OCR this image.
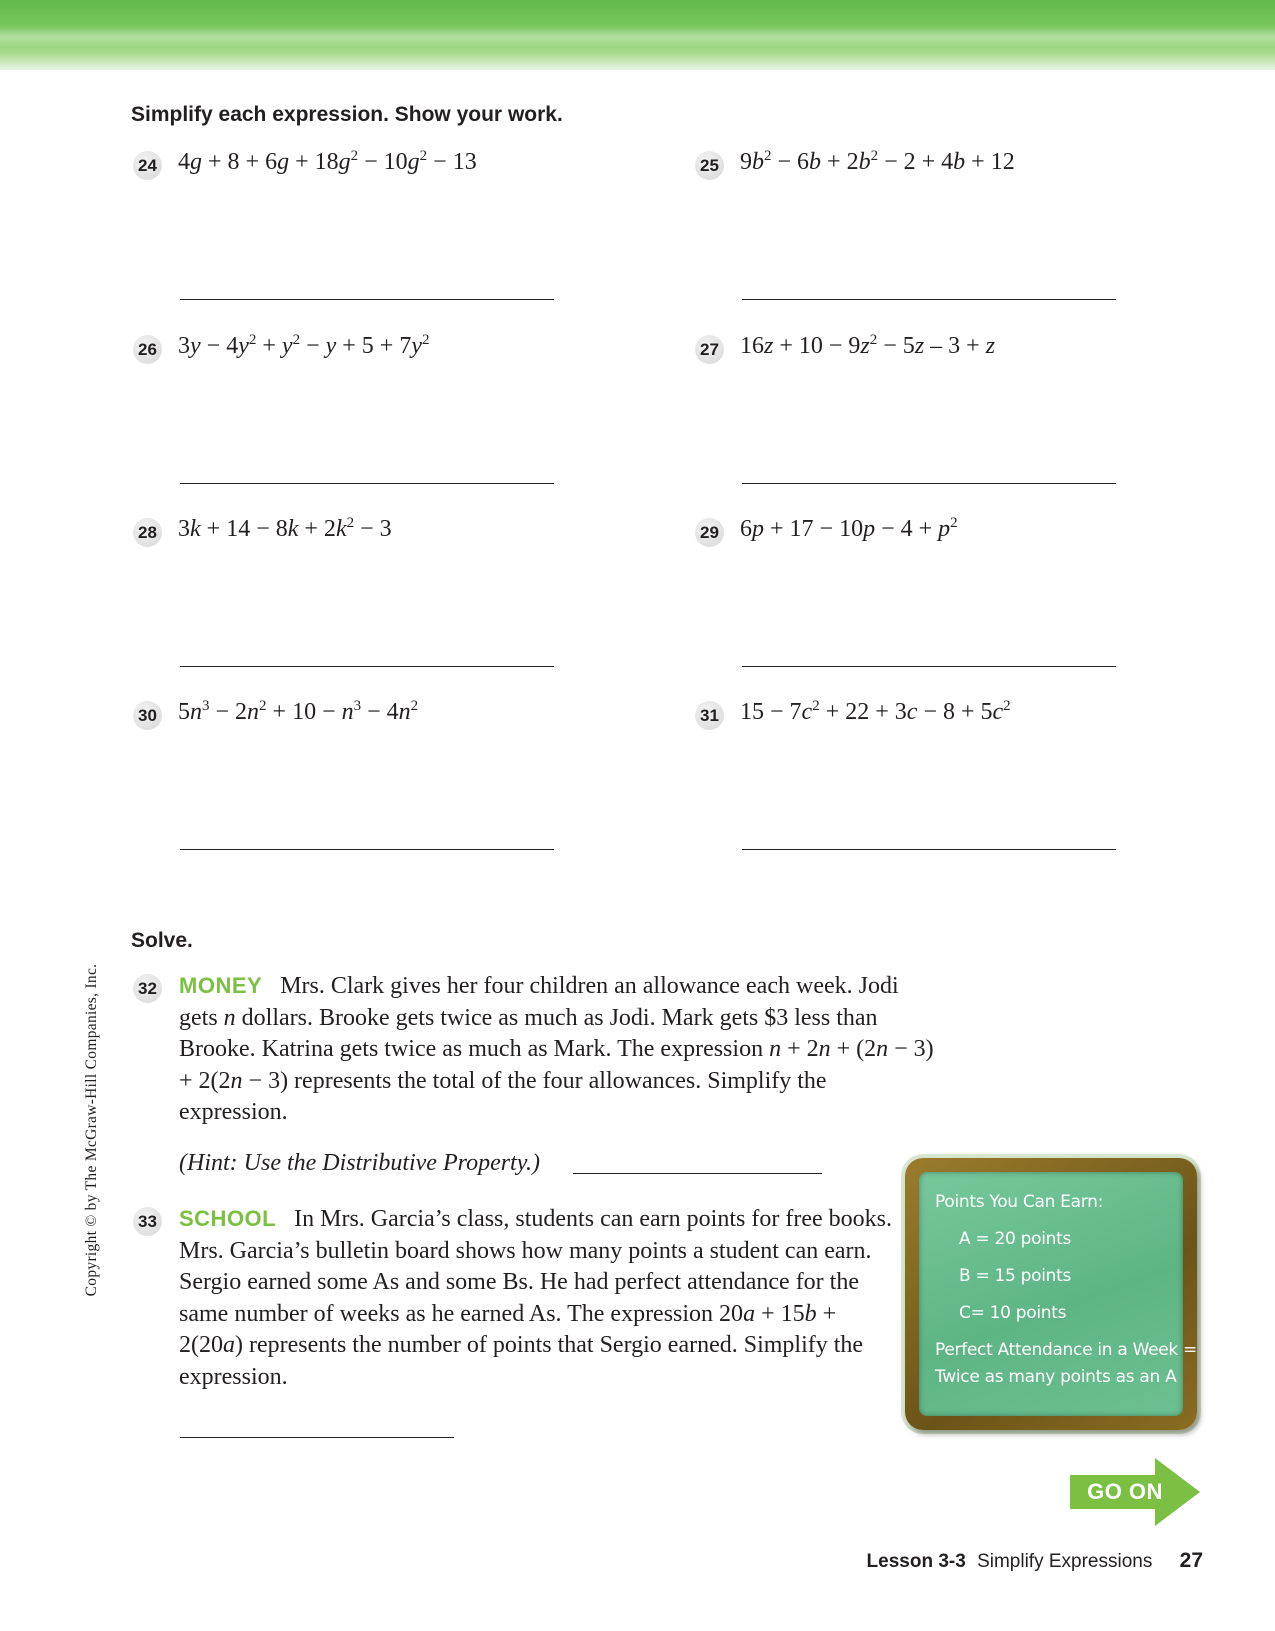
Simplify each expression. Show your work.
24 $4g + 8 + 6g + 18g^2 - 10g^2 - 13$	25 $9b^2 - 6b + 2b^2 - 2 + 4b + 12$
26 $3y - 4y^2 + y^2 - y + 5 + 7y^2$	27 $16z + 10 - 9z^2 - 5z - 3 + z$
28 $3k + 14 - 8k + 2k^2 - 3$	29 $6p + 17 - 10p - 4 + p^2$
30 $5n^3 - 2n^2 + 10 - n^3 - 4n^2$	31 $15 - 7c^2 + 22 + 3c - 8 + 5c^2$
Solve.
32 MONEY Mrs. Clark gives her four children an allowance each week. Jodi gets n dollars. Brooke gets twice as much as Jodi. Mark gets $3 less than Brooke. Katrina gets twice as much as Mark. The expression n + 2n + (2n − 3) + 2(2n − 3) represents the total of the four allowances. Simplify the expression.
(Hint: Use the Distributive Property.)
33 SCHOOL In Mrs. Garcia’s class, students can earn points for free books. Mrs. Garcia’s bulletin board shows how many points a student can earn. Sergio earned some As and some Bs. He had perfect attendance for the same number of weeks as he earned As. The expression 20a + 15b + 2(20a) represents the number of points that Sergio earned. Simplify the expression.
Points You Can Earn:
A = 20 points
B = 15 points
C= 10 points
Perfect Attendance in a Week =
Twice as many points as an A
Copyright © by The McGraw-Hill Companies, Inc.
GO ON
Lesson 3-3 Simplify Expressions 27
